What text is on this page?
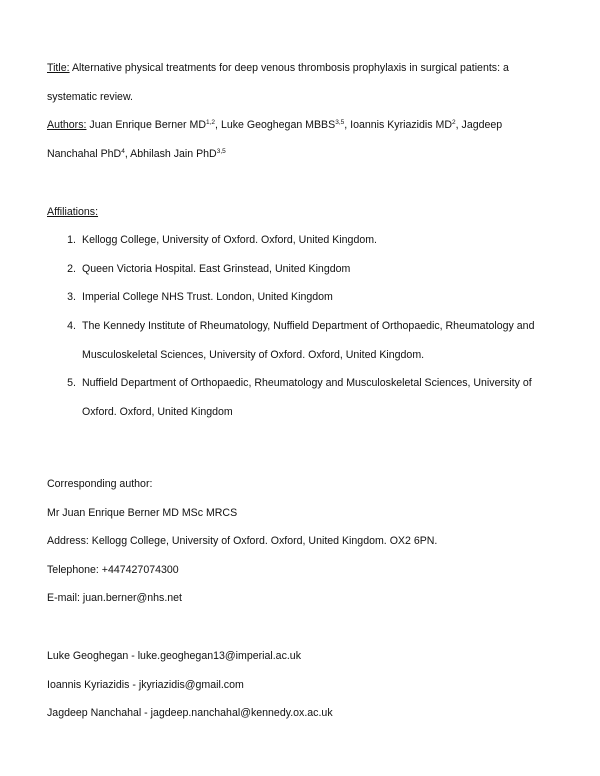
Title: Alternative physical treatments for deep venous thrombosis prophylaxis in surgical patients: a
systematic review.
Authors: Juan Enrique Berner MD$^{1,2}$, Luke Geoghegan MBBS$^{3,5}$, Ioannis Kyriazidis $MD^2$, Jagdeep
Nanchahal PhD$^4$, Abhilash Jain PhD$^{3,5}$
Affiliations:
1. Kellogg College, University of Oxford. Oxford, United Kingdom.
2. Queen Victoria Hospital. East Grinstead, United Kingdom
3. Imperial College NHS Trust. London, United Kingdom
4. The Kennedy Institute of Rheumatology, Nuffield Department of Orthopaedic, Rheumatology and
Musculoskeletal Sciences, University of Oxford. Oxford, United Kingdom.
5. Nuffield Department of Orthopaedic, Rheumatology and Musculoskeletal Sciences, University of
Oxford. Oxford, United Kingdom
Corresponding author:
Mr Juan Enrique Berner MD MSc MRCS
Address: Kellogg College, University of Oxford. Oxford, United Kingdom. OX2 6PN.
Telephone: +447427074300
E-mail: juan.berner@nhs.net
Luke Geoghegan - luke.geoghegan13@imperial.ac.uk
Ioannis Kyriazidis - jkyriazidis@gmail.com
Jagdeep Nanchahal - jagdeep.nanchahal@kennedy.ox.ac.uk
